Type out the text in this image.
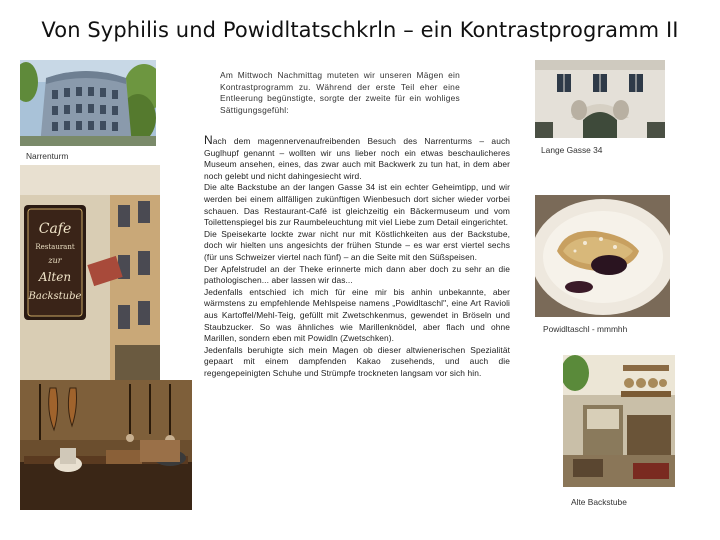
Von Syphilis und Powidltatschkrln – ein Kontrastprogramm II
Am Mittwoch Nachmittag muteten wir unseren Mägen ein Kontrastprogramm zu. Während der erste Teil eher eine Entleerung begünstigte, sorgte der zweite für ein wohliges Sättigungsgefühl:

Nach dem magennervenaufreibenden Besuch des Narrenturms – auch Guglhupf genannt – wollten wir uns lieber noch ein etwas beschaulicheres Museum ansehen, eines, das zwar auch mit Backwerk zu tun hat, in dem aber noch gelebt und nicht dahingesiecht wird.

Die alte Backstube an der langen Gasse 34 ist ein echter Geheimtipp, und wir werden bei einem allfälligen zukünftigen Wienbesuch dort sicher wieder vorbei schauen. Das Restaurant-Café ist gleichzeitig ein Bäckermuseum und vom Toilettenspiegel bis zur Raumbeleuchtung mit viel Liebe zum Detail eingerichtet.

Die Speisekarte lockte zwar nicht nur mit Köstlichkeiten aus der Backstube, doch wir hielten uns angesichts der frühen Stunde – es war erst viertel sechs (für uns Schweizer viertel nach fünf) – an die Seite mit den Süßspeisen.

Der Apfelstrudel an der Theke erinnerte mich dann aber doch zu sehr an die pathologischen... aber lassen wir das...

Jedenfalls entschied ich mich für eine mir bis anhin unbekannte, aber wärmstens zu empfehlende Mehlspeise namens „Powidltaschl", eine Art Ravioli aus Kartoffel/Mehl-Teig, gefüllt mit Zwetschkenmus, gewendet in Bröseln und Staubzucker. So was ähnliches wie Marillenknödel, aber flach und ohne Marillen, sondern eben mit Powidln (Zwetschken).

Jedenfalls beruhigte sich mein Magen ob dieser altwienerischen Spezialität gepaart mit einem dampfenden Kakao zusehends, und auch die regengepeinigten Schuhe und Strümpfe trockneten langsam vor sich hin.

Narrenturm
Cafe
Restaurant
zur
Alten
Backstube
Lange Gasse 34
Powidltaschl - mmmhh
Alte Backstube
